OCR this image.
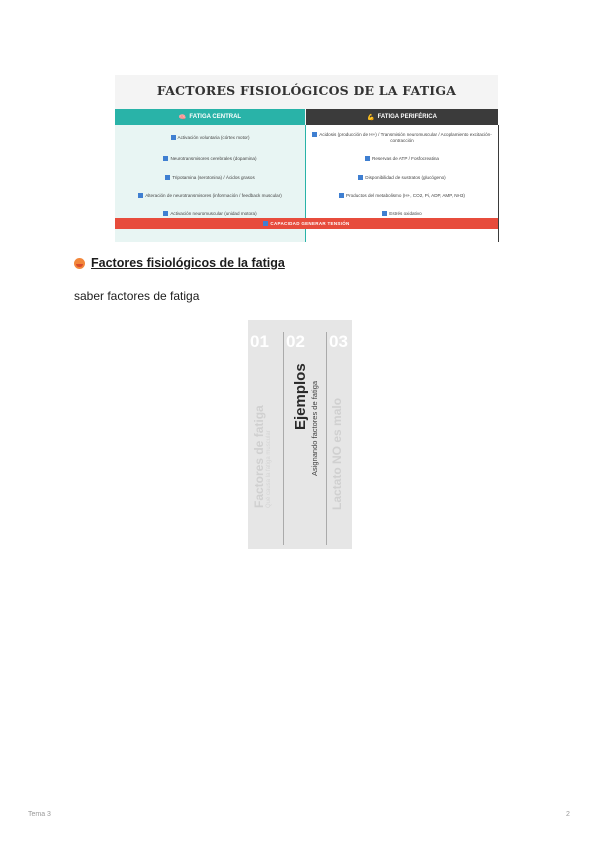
FACTORES FISIOLÓGICOS DE LA FATIGA
🧠 FATIGA CENTRAL	💪 FATIGA PERIFÉRICA
Activación voluntaria (córtex motor)
Neurotransmisores cerebrales (dopamina)
Tripotamina (serotonina) / Ácidos grasos
Alteración de neurotransmisores (información / feedback muscular)
Activación neuromuscular (unidad motora)
Acidosis (producción de H+) / Transmisión neuromuscular / Acoplamiento excitación-contracción
Reservas de ATP / Fosfocreatina
Disponibilidad de sustratos (glucógeno)
Productos del metabolismo (H+, CO2, Pi, ADP, AMP, NH3)
Estrés oxidativo
CAPACIDAD GENERAR TENSIÓN
Factores fisiológicos de la fatiga
saber factores de fatiga
01
Factores de fatiga Qué causa la fatiga muscular
02
Ejemplos Asignando factores de fatiga
03
Lactato NO es malo
Tema 3	2
